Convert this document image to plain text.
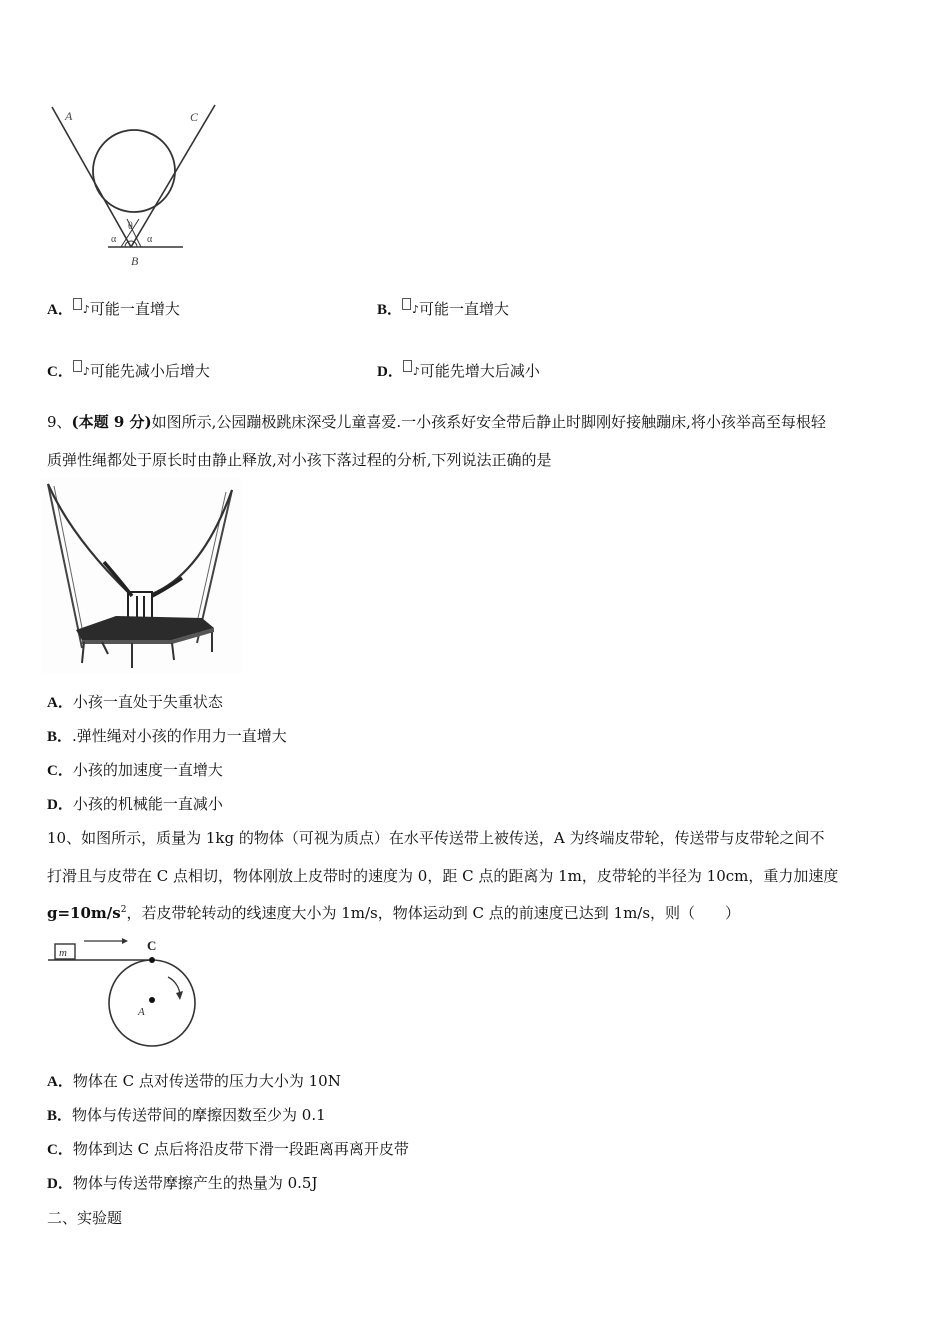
A	C
θ
α	α
B
A． ♪可能一直增大	B． ♪可能一直增大
C． ♪可能先减小后增大	D． ♪可能先增大后减小
9、(本题 9 分)如图所示,公园蹦极跳床深受儿童喜爱.一小孩系好安全带后静止时脚刚好接触蹦床,将小孩举高至每根轻
质弹性绳都处于原长时由静止释放,对小孩下落过程的分析,下列说法正确的是
A．小孩一直处于失重状态
B．.弹性绳对小孩的作用力一直增大
C．小孩的加速度一直增大
D．小孩的机械能一直减小
10、如图所示，质量为 1kg 的物体（可视为质点）在水平传送带上被传送，A 为终端皮带轮，传送带与皮带轮之间不
打滑且与皮带在 C 点相切，物体刚放上皮带时的速度为 0，距 C 点的距离为 1m，皮带轮的半径为 10cm，重力加速度
$g=10m/s^2$，若皮带轮转动的线速度大小为 1m/s，物体运动到 C 点的前速度已达到 1m/s，则（　　）
m	C
A
A．物体在 C 点对传送带的压力大小为 10N
B．物体与传送带间的摩擦因数至少为 0.1
C．物体到达 C 点后将沿皮带下滑一段距离再离开皮带
D．物体与传送带摩擦产生的热量为 0.5J
二、实验题
